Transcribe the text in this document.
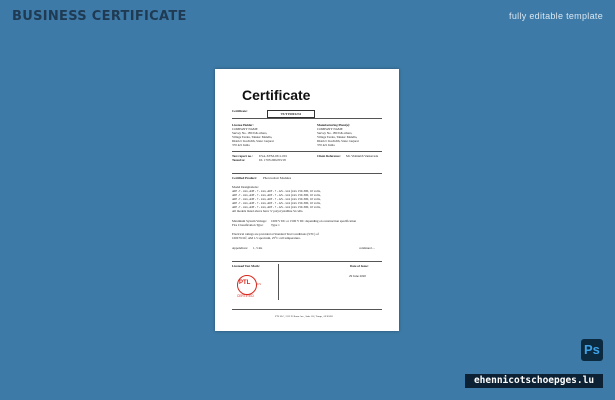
BUSINESS CERTIFICATE	fully editable template
Certificate
Certificate:
TUT19001231
License Holder:
COMPANY NAME
Survey No. 185/9 & others,
Village Tarala, Taluka: Mandla,
District: Kachchh, State: Gujarat
370 421 India
Manufacturing Plant(s):
COMPANY NAME
Survey No. 185/9 & others,
Village Tarala, Taluka: Mandla,
District: Kachchh, State: Gujarat
370 421 India
Test report no.: USA-XYM-0311-001
Tested to:	UL 1703:2002/03/18
Client Reference: Mr. Vishnubh Vankavade
Certified Product: Photovoltaic Modules
Model Designations:
AIP -? - xxx, AIP - ? - xxx, AIP - ? - AS - xxx (xxx 150-300, 10 volts,
AIP -? - xxx, AIP - ? - xxx, AIP - ? - AS - xxx (xxx 150-300, 10 volts,
AIP -? - xxx, AIP - ? - xxx, AIP - ? - AS - xxx (xxx 150-300, 10 volts,
AIP -? - xxx, AIP - ? - xxx, AIP - ? - AS - xxx (xxx 150-300, 10 volts,
AIP -? - xxx, AIP - ? - xxx, AIP - ? - AS - xxx (xxx 150-300, 10 volts,
All models listed above have 'x' polycrystalline Si cells.
Maximum System Voltage: 1000 V DC or 1500 V DC depending on construction specification
Fire Classification Type: Type 1
Electrical ratings are provided at Standard Test Conditions (STC) of
1000 W/m², AM 1.5 spectrum, 25°C cell temperature.
Appendices: 1, 5 ms	continued ...
Licensed Test Mark:	Date of Issue:
29 June 2020
PTL US
CERTIFIED
PTL LLC, 2113 N. Rome Ave., Suite 101, Tempe, AZ 85281
Ps
ehennicotschoepges.lu
